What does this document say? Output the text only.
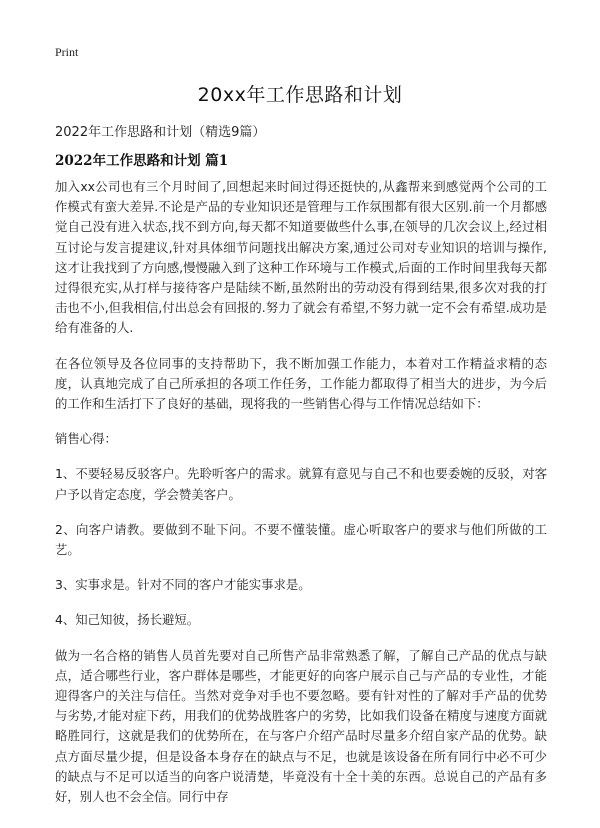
Print
20xx年工作思路和计划
2022年工作思路和计划（精选9篇）
2022年工作思路和计划 篇1

加入xx公司也有三个月时间了,回想起来时间过得还挺快的,从鑫帮来到感觉两个公司的工作模式有蛮大差异.不论是产品的专业知识还是管理与工作氛围都有很大区别.前一个月都感觉自己没有进入状态,找不到方向,每天都不知道要做些什么事,在领导的几次会议上,经过相互讨论与发言提建议,针对具体细节问题找出解决方案,通过公司对专业知识的培训与操作,这才让我找到了方向感,慢慢融入到了这种工作环境与工作模式,后面的工作时间里我每天都过得很充实,从打样与接待客户是陆续不断,虽然附出的劳动没有得到结果,很多次对我的打击也不小,但我相信,付出总会有回报的.努力了就会有希望,不努力就一定不会有希望.成功是给有准备的人.

在各位领导及各位同事的支持帮助下，我不断加强工作能力，本着对工作精益求精的态度，认真地完成了自己所承担的各项工作任务，工作能力都取得了相当大的进步，为今后的工作和生活打下了良好的基础，现将我的一些销售心得与工作情况总结如下：

销售心得：

1、不要轻易反驳客户。先聆听客户的需求。就算有意见与自己不和也要委婉的反驳，对客户予以肯定态度，学会赞美客户。

2、向客户请教。要做到不耻下问。不要不懂装懂。虚心听取客户的要求与他们所做的工艺。

3、实事求是。针对不同的客户才能实事求是。

4、知己知彼，扬长避短。

做为一名合格的销售人员首先要对自己所售产品非常熟悉了解，了解自己产品的优点与缺点，适合哪些行业，客户群体是哪些，才能更好的向客户展示自己与产品的专业性，才能迎得客户的关注与信任。当然对竞争对手也不要忽略。要有针对性的了解对手产品的优势与劣势,才能对症下药，用我们的优势战胜客户的劣势，比如我们设备在精度与速度方面就略胜同行，这就是我们的优势所在，在与客户介绍产品时尽量多介绍自家产品的优势。缺点方面尽量少提，但是设备本身存在的缺点与不足，也就是该设备在所有同行中必不可少的缺点与不足可以适当的向客户说清楚，毕竟没有十全十美的东西。总说自己的产品有多好，别人也不会全信。同行中存
